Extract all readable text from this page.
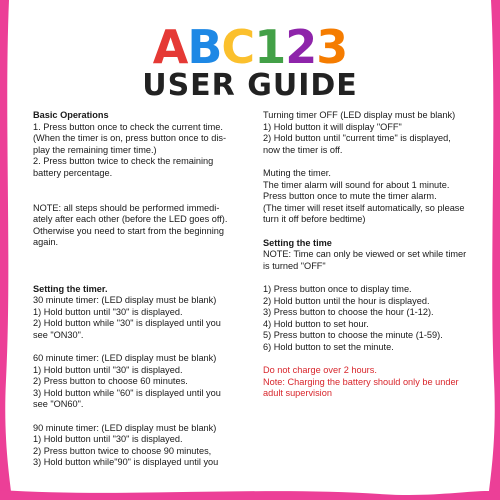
ABC123
USER GUIDE
Basic Operations
1. Press button once to check the current time.
(When the timer is on, press button once to dis-
play the remaining timer time.)
2. Press button twice to check the remaining
battery percentage.
NOTE: all steps should be performed immedi-
ately after each other (before the LED goes off).
Otherwise you need to start from the beginning
again.
Setting the timer.
30 minute timer: (LED display must be blank)
1) Hold button until "30" is displayed.
2) Hold button while "30" is displayed until you
see "ON30".
60 minute timer: (LED display must be blank)
1) Hold button until "30" is displayed.
2) Press button to choose 60 minutes.
3) Hold button while "60" is displayed until you
see "ON60".
90 minute timer: (LED display must be blank)
1) Hold button until "30" is displayed.
2) Press button twice to choose 90 minutes,
3) Hold button while"90" is displayed until you
Turning timer OFF (LED display must be blank)
1) Hold button it will display "OFF"
2) Hold button until "current time" is displayed,
now the timer is off.
Muting the timer.
The timer alarm will sound for about 1 minute.
Press button once to mute the timer alarm.
(The timer will reset itself automatically, so please
turn it off before bedtime)
Setting the time
NOTE: Time can only be viewed or set while timer
is turned "OFF"
1) Press button once to display time.
2) Hold button until the hour is displayed.
3) Press button to choose the hour (1-12).
4) Hold button to set hour.
5) Press button to choose the minute (1-59).
6) Hold button to set the minute.
Do not charge over 2 hours.
Note: Charging the battery should only be under
adult supervision
